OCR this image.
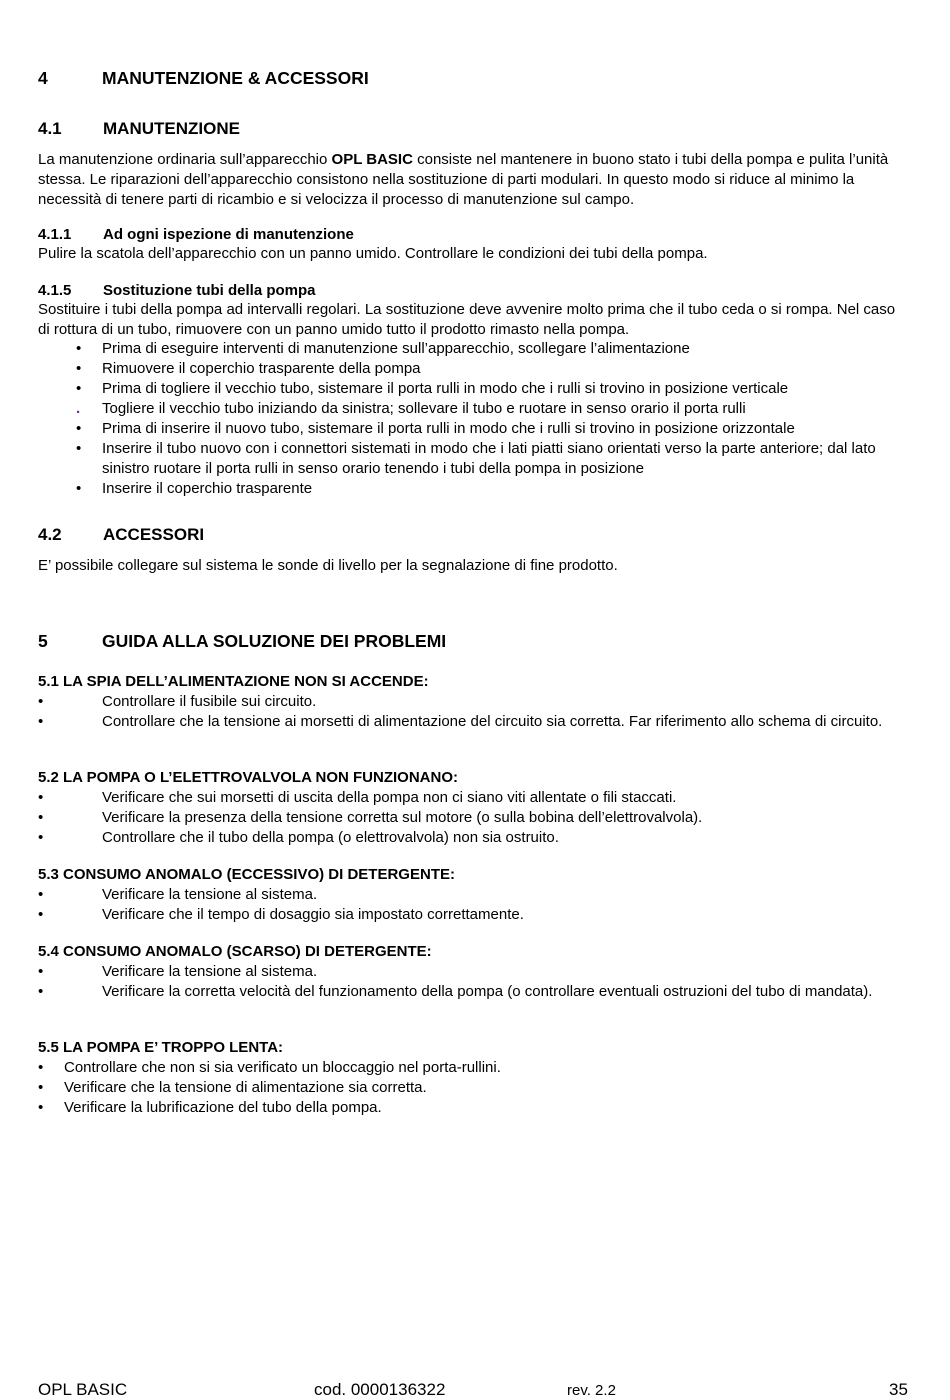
4	MANUTENZIONE & ACCESSORI
4.1 MANUTENZIONE
La manutenzione ordinaria sull’apparecchio OPL BASIC consiste nel mantenere in buono stato i tubi della pompa e pulita l’unità stessa. Le riparazioni dell’apparecchio consistono nella sostituzione di parti modulari. In questo modo si riduce al minimo la necessità di tenere parti di ricambio e si velocizza il processo di manutenzione sul campo.
4.1.1 Ad ogni ispezione di manutenzione
Pulire la scatola dell’apparecchio con un panno umido. Controllare le condizioni dei tubi della pompa.
4.1.5 Sostituzione tubi della pompa
Sostituire i tubi della pompa ad intervalli regolari. La sostituzione deve avvenire molto prima che il tubo ceda o si rompa. Nel caso di rottura di un tubo, rimuovere con un panno umido tutto il prodotto rimasto nella pompa.
• Prima di eseguire interventi di manutenzione sull’apparecchio, scollegare l’alimentazione
• Rimuovere il coperchio trasparente della pompa
• Prima di togliere il vecchio tubo, sistemare il porta rulli in modo che i rulli si trovino in posizione verticale
. Togliere il vecchio tubo iniziando da sinistra; sollevare il tubo e ruotare in senso orario il porta rulli
• Prima di inserire il nuovo tubo, sistemare il porta rulli in modo che i rulli si trovino in posizione orizzontale
• Inserire il tubo nuovo con i connettori sistemati in modo che i lati piatti siano orientati verso la parte anteriore; dal lato sinistro ruotare il porta rulli in senso orario tenendo i tubi della pompa in posizione
• Inserire il coperchio trasparente
4.2 ACCESSORI
E’ possibile collegare sul sistema le sonde di livello per la segnalazione di fine prodotto.
5	GUIDA ALLA SOLUZIONE DEI PROBLEMI
5.1 LA SPIA DELL’ALIMENTAZIONE NON SI ACCENDE:
•	Controllare il fusibile sui circuito.
•	Controllare che la tensione ai morsetti di alimentazione del circuito sia corretta. Far riferimento allo schema di circuito.
5.2 LA POMPA O L’ELETTROVALVOLA NON FUNZIONANO:
•	Verificare che sui morsetti di uscita della pompa non ci siano viti allentate o fili staccati.
•	Verificare la presenza della tensione corretta sul motore (o sulla bobina dell’elettrovalvola).
•	Controllare che il tubo della pompa (o elettrovalvola) non sia ostruito.
5.3 CONSUMO ANOMALO (ECCESSIVO) DI DETERGENTE:
•	Verificare la tensione al sistema.
•	Verificare che il tempo di dosaggio sia impostato correttamente.
5.4 CONSUMO ANOMALO (SCARSO) DI DETERGENTE:
•	Verificare la tensione al sistema.
•	Verificare la corretta velocità del funzionamento della pompa (o controllare eventuali ostruzioni del tubo di mandata).
5.5 LA POMPA E’ TROPPO LENTA:
• Controllare che non si sia verificato un bloccaggio nel porta-rullini.
• Verificare che la tensione di alimentazione sia corretta.
• Verificare la lubrificazione del tubo della pompa.
OPL BASIC	cod. 0000136322	rev. 2.2	35
